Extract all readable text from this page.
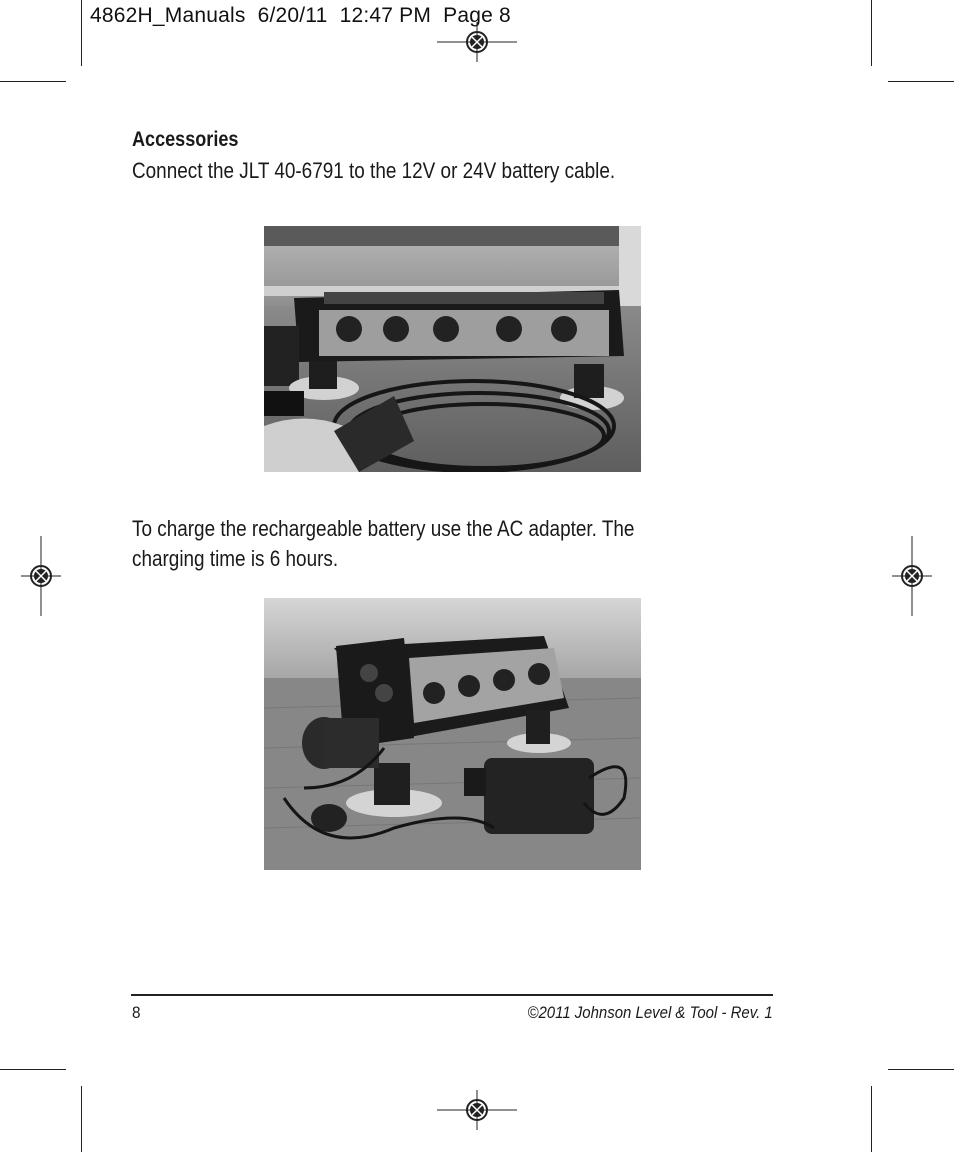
4862H_Manuals  6/20/11  12:47 PM  Page 8
Accessories
Connect the JLT 40-6791 to the 12V or 24V battery cable.
To charge the rechargeable battery use the AC adapter. The
charging time is 6 hours.
8	©2011 Johnson Level & Tool - Rev. 1
